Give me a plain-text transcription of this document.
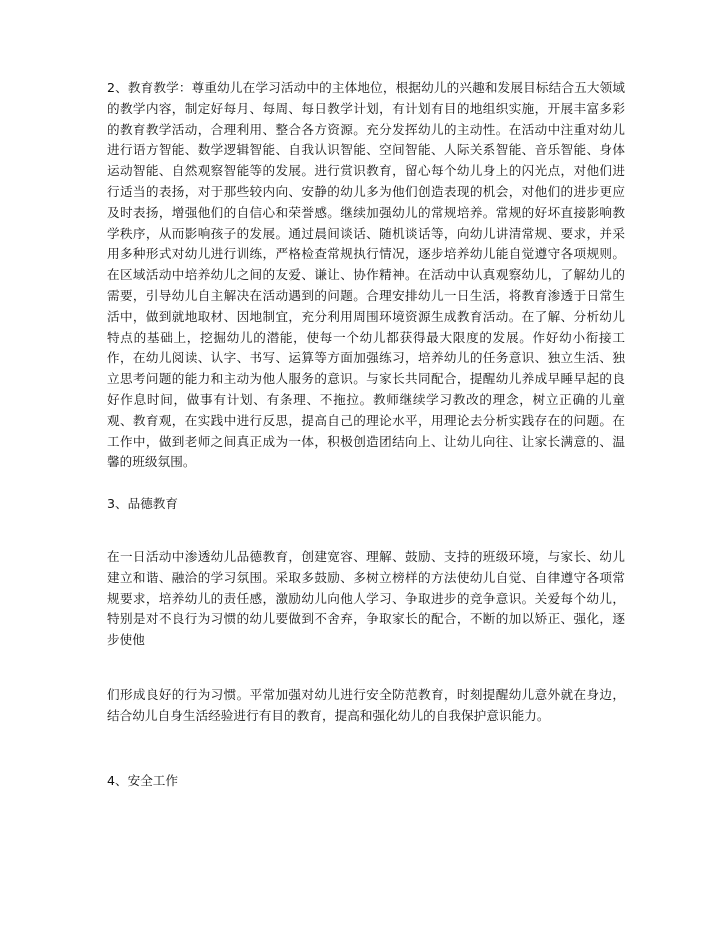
2、教育教学：尊重幼儿在学习活动中的主体地位，根据幼儿的兴趣和发展目标结合五大领域的教学内容，制定好每月、每周、每日教学计划，有计划有目的地组织实施，开展丰富多彩的教育教学活动，合理利用、整合各方资源。充分发挥幼儿的主动性。在活动中注重对幼儿进行语方智能、数学逻辑智能、自我认识智能、空间智能、人际关系智能、音乐智能、身体运动智能、自然观察智能等的发展。进行赏识教育，留心每个幼儿身上的闪光点，对他们进行适当的表扬，对于那些较内向、安静的幼儿多为他们创造表现的机会，对他们的进步更应及时表扬，增强他们的自信心和荣誉感。继续加强幼儿的常规培养。常规的好坏直接影响教学秩序，从而影响孩子的发展。通过晨间谈话、随机谈话等，向幼儿讲清常规、要求，并采用多种形式对幼儿进行训练，严格检查常规执行情况，逐步培养幼儿能自觉遵守各项规则。在区域活动中培养幼儿之间的友爱、谦让、协作精神。在活动中认真观察幼儿，了解幼儿的需要，引导幼儿自主解决在活动遇到的问题。合理安排幼儿一日生活，将教育渗透于日常生活中，做到就地取材、因地制宜，充分利用周围环境资源生成教育活动。在了解、分析幼儿特点的基础上，挖掘幼儿的潜能，使每一个幼儿都获得最大限度的发展。作好幼小衔接工作，在幼儿阅读、认字、书写、运算等方面加强练习，培养幼儿的任务意识、独立生活、独立思考问题的能力和主动为他人服务的意识。与家长共同配合，提醒幼儿养成早睡早起的良好作息时间，做事有计划、有条理、不拖拉。教师继续学习教改的理念，树立正确的儿童观、教育观，在实践中进行反思，提高自己的理论水平，用理论去分析实践存在的问题。在工作中，做到老师之间真正成为一体，积极创造团结向上、让幼儿向往、让家长满意的、温馨的班级氛围。

3、品德教育

在一日活动中渗透幼儿品德教育，创建宽容、理解、鼓励、支持的班级环境，与家长、幼儿建立和谐、融洽的学习氛围。采取多鼓励、多树立榜样的方法使幼儿自觉、自律遵守各项常规要求，培养幼儿的责任感，激励幼儿向他人学习、争取进步的竞争意识。关爱每个幼儿，特别是对不良行为习惯的幼儿要做到不舍弃，争取家长的配合，不断的加以矫正、强化，逐步使他

们形成良好的行为习惯。平常加强对幼儿进行安全防范教育，时刻提醒幼儿意外就在身边，结合幼儿自身生活经验进行有目的教育，提高和强化幼儿的自我保护意识能力。

4、安全工作
